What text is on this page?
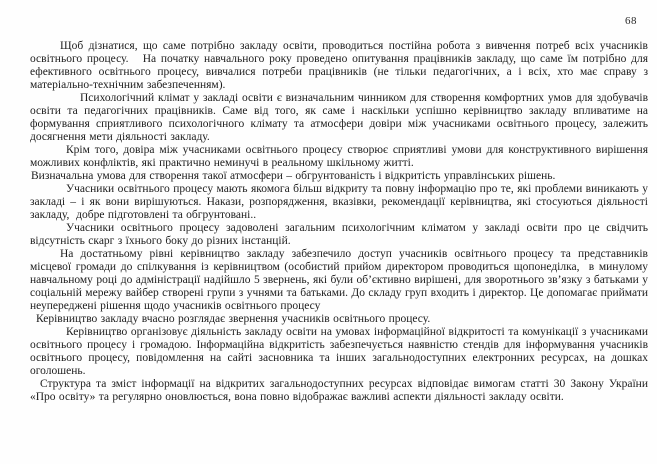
68

Щоб дізнатися, що саме потрібно закладу освіти, проводиться постійна робота з вивчення потреб всіх учасників освітнього процесу.   На початку навчального року проведено опитування працівників закладу, що саме їм потрібно для ефективного освітнього процесу, вивчалися потреби працівників (не тільки педагогічних, а і всіх, хто має справу з матеріально-технічним забезпеченням).

Психологічний клімат у закладі освіти є визначальним чинником для створення комфортних умов для здобувачів освіти та педагогічних працівників. Саме від того, як саме і наскільки успішно керівництво закладу впливатиме на формування сприятливого психологічного клімату та атмосфери довіри між учасниками освітнього процесу, залежить досягнення мети діяльності закладу.

Крім того, довіра між учасниками освітнього процесу створює сприятливі умови для конструктивного вирішення можливих конфліктів, які практично неминучі в реальному шкільному житті.

Визначальна умова для створення такої атмосфери – обгрунтованість і відкритість управлінських рішень.

Учасники освітнього процесу мають якомога більш відкриту та повну інформацію про те, які проблеми виникають у закладі – і як вони вирішуються. Накази, розпорядження, вказівки, рекомендації керівництва, які стосуються діяльності закладу,  добре підготовлені та обгрунтовані..

Учасники освітнього процесу задоволені загальним психологічним кліматом у закладі освіти про це свідчить відсутність скарг з їхнього боку до різних інстанцій.

На достатньому рівні керівництво закладу забезпечило доступ учасників освітнього процесу та представників місцевої громади до спілкування із керівництвом (особистий прийом директором проводиться щопонеділка,  в минулому навчальному році до адміністрації надійшло 5 звернень, які були об’єктивно вирішені, для зворотнього зв’язку з батьками у соціальній мережу вайбер створені групи з учнями та батьками. До складу груп входить і директор. Це допомагає приймати неупереджені рішення щодо учасників освітнього процесу

Керівництво закладу вчасно розглядає звернення учасників освітнього процесу.

Керівництво організовує діяльність закладу освіти на умовах інформаційної відкритості та комунікації з учасниками освітнього процесу і громадою. Інформаційна відкритість забезпечується наявністю стендів для інформування учасників освітнього процесу, повідомлення на сайті засновника та інших загальнодоступних електронних ресурсах, на дошках оголошень.

Структура та зміст інформації на відкритих загальнодоступних ресурсах відповідає вимогам статті 30 Закону України «Про освіту» та регулярно оновлюється, вона повно відображає важливі аспекти діяльності закладу освіти.
